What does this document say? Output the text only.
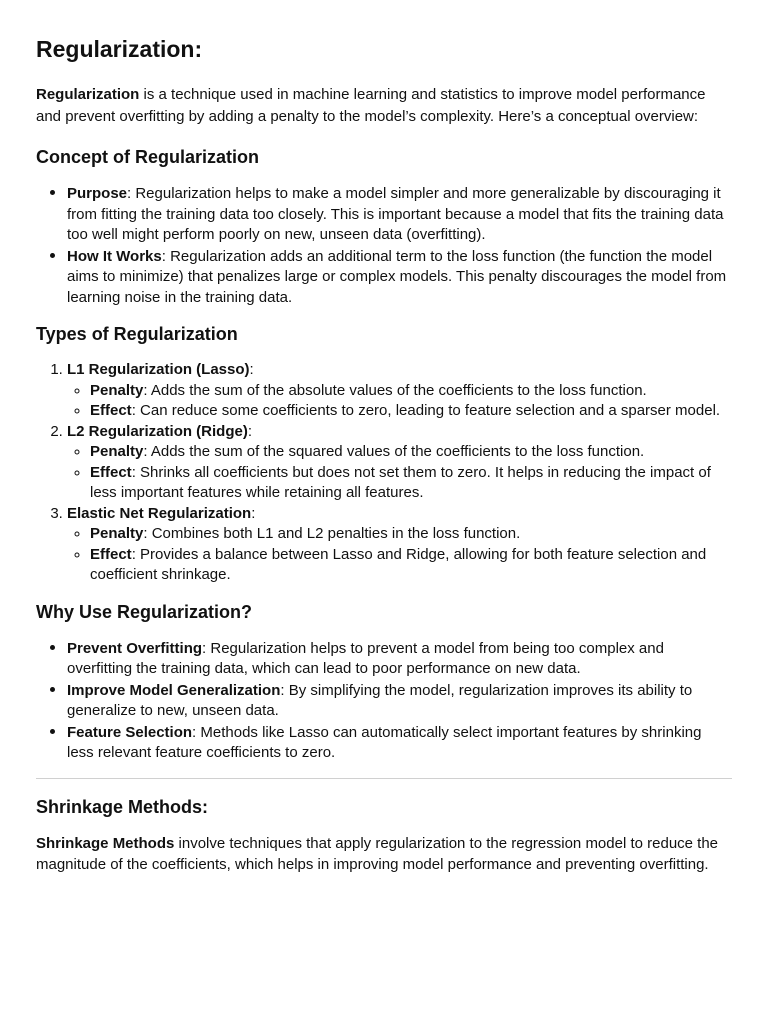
Regularization:

Regularization is a technique used in machine learning and statistics to improve model performance and prevent overfitting by adding a penalty to the model’s complexity. Here’s a conceptual overview:

Concept of Regularization
• Purpose: Regularization helps to make a model simpler and more generalizable by discouraging it from fitting the training data too closely. This is important because a model that fits the training data too well might perform poorly on new, unseen data (overfitting).
• How It Works: Regularization adds an additional term to the loss function (the function the model aims to minimize) that penalizes large or complex models. This penalty discourages the model from learning noise in the training data.
Types of Regularization
1. L1 Regularization (Lasso):
◦ Penalty: Adds the sum of the absolute values of the coefficients to the loss function.
◦ Effect: Can reduce some coefficients to zero, leading to feature selection and a sparser model.
2. L2 Regularization (Ridge):
◦ Penalty: Adds the sum of the squared values of the coefficients to the loss function.
◦ Effect: Shrinks all coefficients but does not set them to zero. It helps in reducing the impact of less important features while retaining all features.
3. Elastic Net Regularization:
◦ Penalty: Combines both L1 and L2 penalties in the loss function.
◦ Effect: Provides a balance between Lasso and Ridge, allowing for both feature selection and coefficient shrinkage.
Why Use Regularization?
• Prevent Overfitting: Regularization helps to prevent a model from being too complex and overfitting the training data, which can lead to poor performance on new data.
• Improve Model Generalization: By simplifying the model, regularization improves its ability to generalize to new, unseen data.
• Feature Selection: Methods like Lasso can automatically select important features by shrinking less relevant feature coefficients to zero.
Shrinkage Methods:

Shrinkage Methods involve techniques that apply regularization to the regression model to reduce the magnitude of the coefficients, which helps in improving model performance and preventing overfitting.
